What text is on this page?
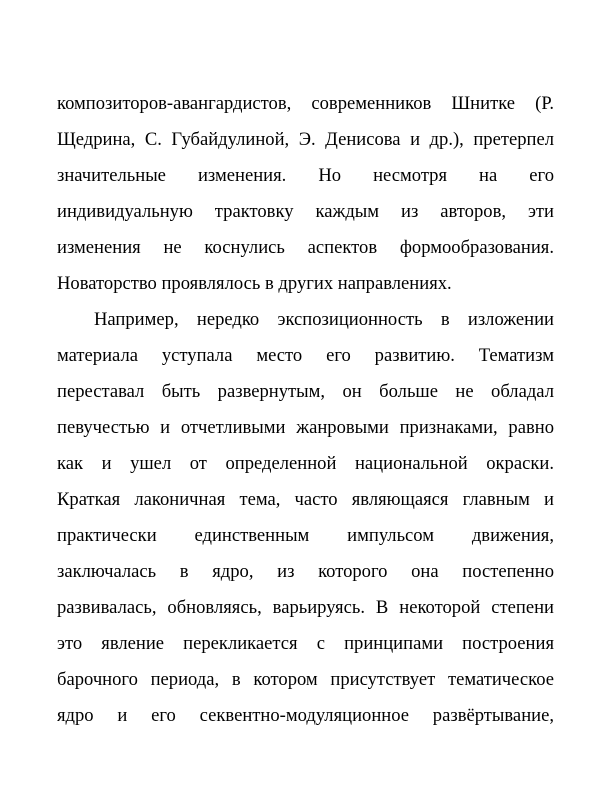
композиторов-авангардистов, современников Шнитке (Р.
Щедрина, С. Губайдулиной, Э. Денисова и др.), претерпел
значительные изменения. Но несмотря на его
индивидуальную трактовку каждым из авторов, эти
изменения не коснулись аспектов формообразования.
Новаторство проявлялось в других направлениях.
Например, нередко экспозиционность в изложении
материала уступала место его развитию. Тематизм
переставал быть развернутым, он больше не обладал
певучестью и отчетливыми жанровыми признаками, равно
как и ушел от определенной национальной окраски.
Краткая лаконичная тема, часто являющаяся главным и
практически единственным импульсом движения,
заключалась в ядро, из которого она постепенно
развивалась, обновляясь, варьируясь. В некоторой степени
это явление перекликается с принципами построения
барочного периода, в котором присутствует тематическое
ядро и его секвентно-модуляционное развёртывание,
